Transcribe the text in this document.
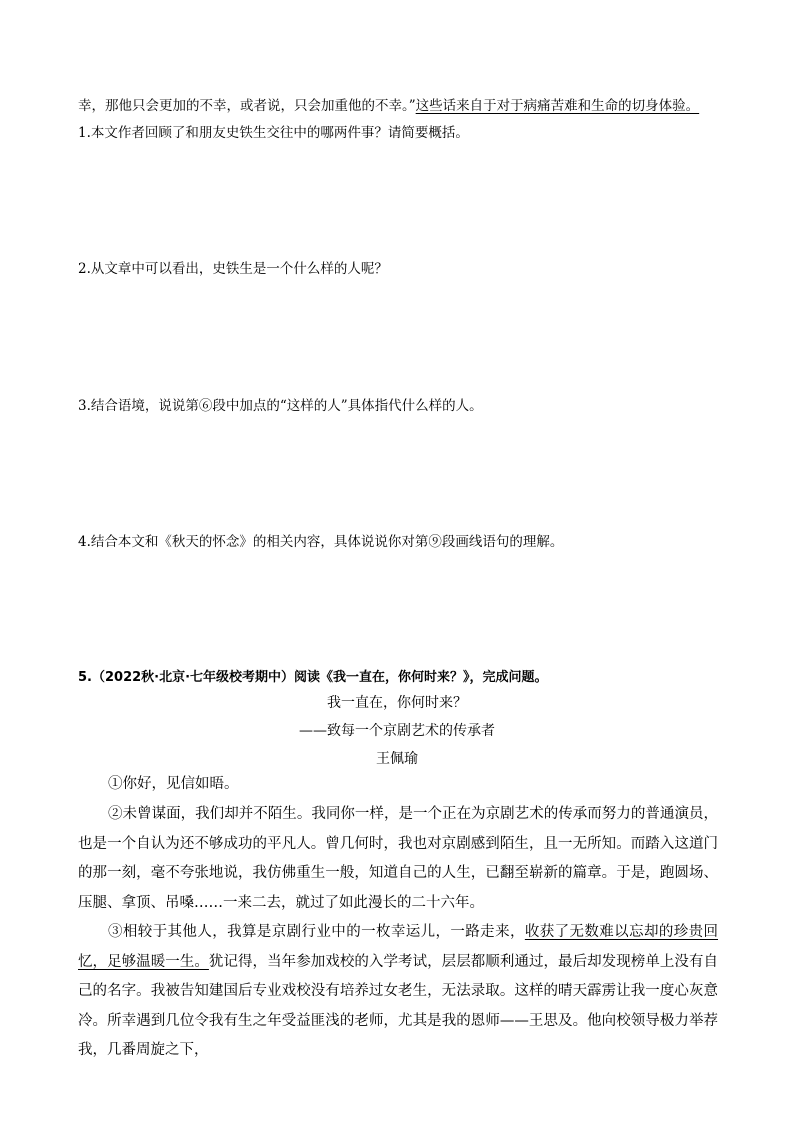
幸，那他只会更加的不幸，或者说，只会加重他的不幸。”这些话来自于对于病痛苦难和生命的切身体验。
1.本文作者回顾了和朋友史铁生交往中的哪两件事？请简要概括。
2.从文章中可以看出，史铁生是一个什么样的人呢？
3.结合语境，说说第⑥段中加点的“这样的人”具体指代什么样的人。
4.结合本文和《秋天的怀念》的相关内容，具体说说你对第⑨段画线语句的理解。
5.（2022秋·北京·七年级校考期中）阅读《我一直在，你何时来？》，完成问题。
我一直在，你何时来？
——致每一个京剧艺术的传承者
王佩瑜
①你好，见信如晤。
②未曾谋面，我们却并不陌生。我同你一样，是一个正在为京剧艺术的传承而努力的普通演员，也是一个自认为还不够成功的平凡人。曾几何时，我也对京剧感到陌生，且一无所知。而踏入这道门的那一刻，毫不夸张地说，我仿佛重生一般，知道自己的人生，已翻至崭新的篇章。于是，跑圆场、压腿、拿顶、吊嗓……一来二去，就过了如此漫长的二十六年。
③相较于其他人，我算是京剧行业中的一枚幸运儿，一路走来，收获了无数难以忘却的珍贵回忆，足够温暖一生。犹记得，当年参加戏校的入学考试，层层都顺利通过，最后却发现榜单上没有自己的名字。我被告知建国后专业戏校没有培养过女老生，无法录取。这样的晴天霹雳让我一度心灰意冷。所幸遇到几位令我有生之年受益匪浅的老师，尤其是我的恩师——王思及。他向校领导极力举荐我，几番周旋之下，
